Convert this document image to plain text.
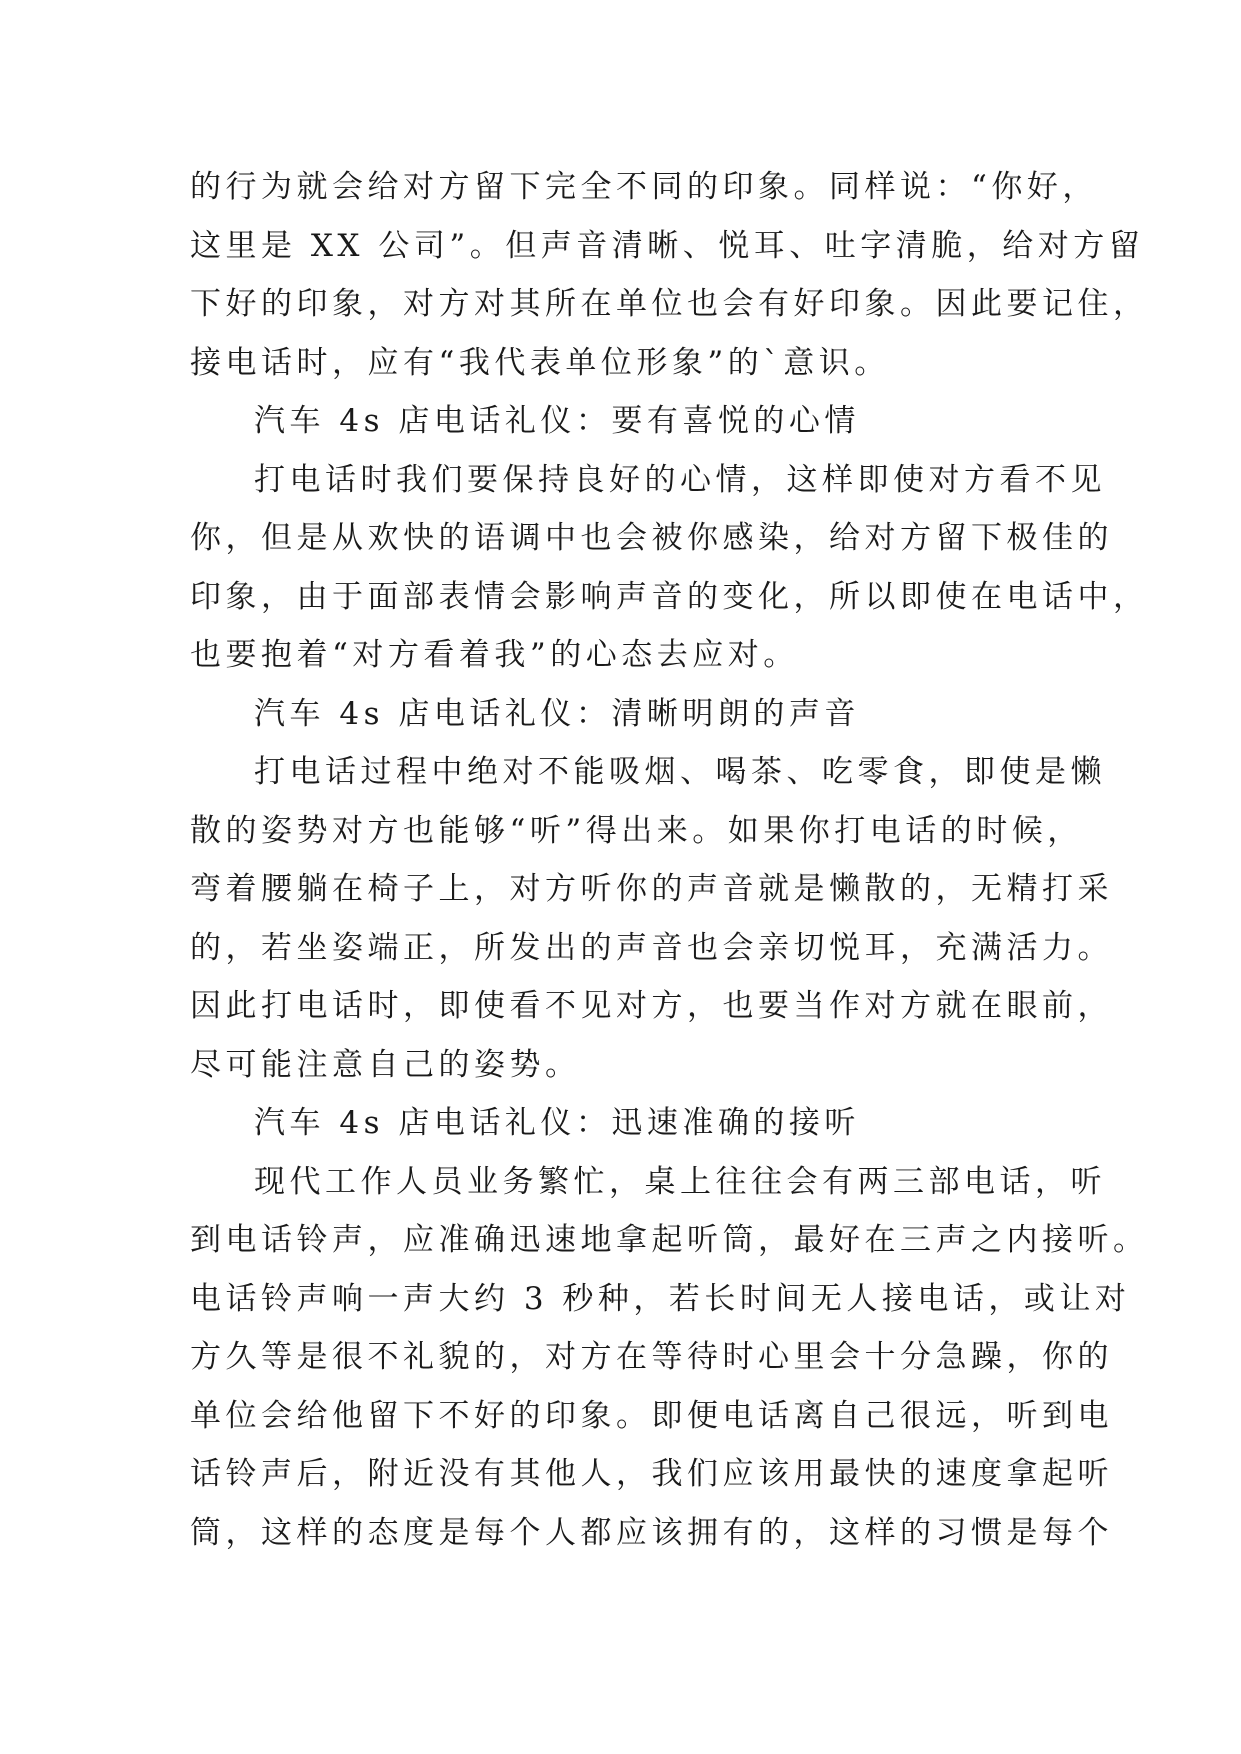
的行为就会给对方留下完全不同的印象。同样说：“你好，
这里是 XX 公司”。但声音清晰、悦耳、吐字清脆，给对方留
下好的印象，对方对其所在单位也会有好印象。因此要记住，
接电话时，应有“我代表单位形象”的`意识。
汽车 4s 店电话礼仪：要有喜悦的心情
打电话时我们要保持良好的心情，这样即使对方看不见
你，但是从欢快的语调中也会被你感染，给对方留下极佳的
印象，由于面部表情会影响声音的变化，所以即使在电话中，
也要抱着“对方看着我”的心态去应对。
汽车 4s 店电话礼仪：清晰明朗的声音
打电话过程中绝对不能吸烟、喝茶、吃零食，即使是懒
散的姿势对方也能够“听”得出来。如果你打电话的时候，
弯着腰躺在椅子上，对方听你的声音就是懒散的，无精打采
的，若坐姿端正，所发出的声音也会亲切悦耳，充满活力。
因此打电话时，即使看不见对方，也要当作对方就在眼前，
尽可能注意自己的姿势。
汽车 4s 店电话礼仪：迅速准确的接听
现代工作人员业务繁忙，桌上往往会有两三部电话，听
到电话铃声，应准确迅速地拿起听筒，最好在三声之内接听。
电话铃声响一声大约 3 秒种，若长时间无人接电话，或让对
方久等是很不礼貌的，对方在等待时心里会十分急躁，你的
单位会给他留下不好的印象。即便电话离自己很远，听到电
话铃声后，附近没有其他人，我们应该用最快的速度拿起听
筒，这样的态度是每个人都应该拥有的，这样的习惯是每个
